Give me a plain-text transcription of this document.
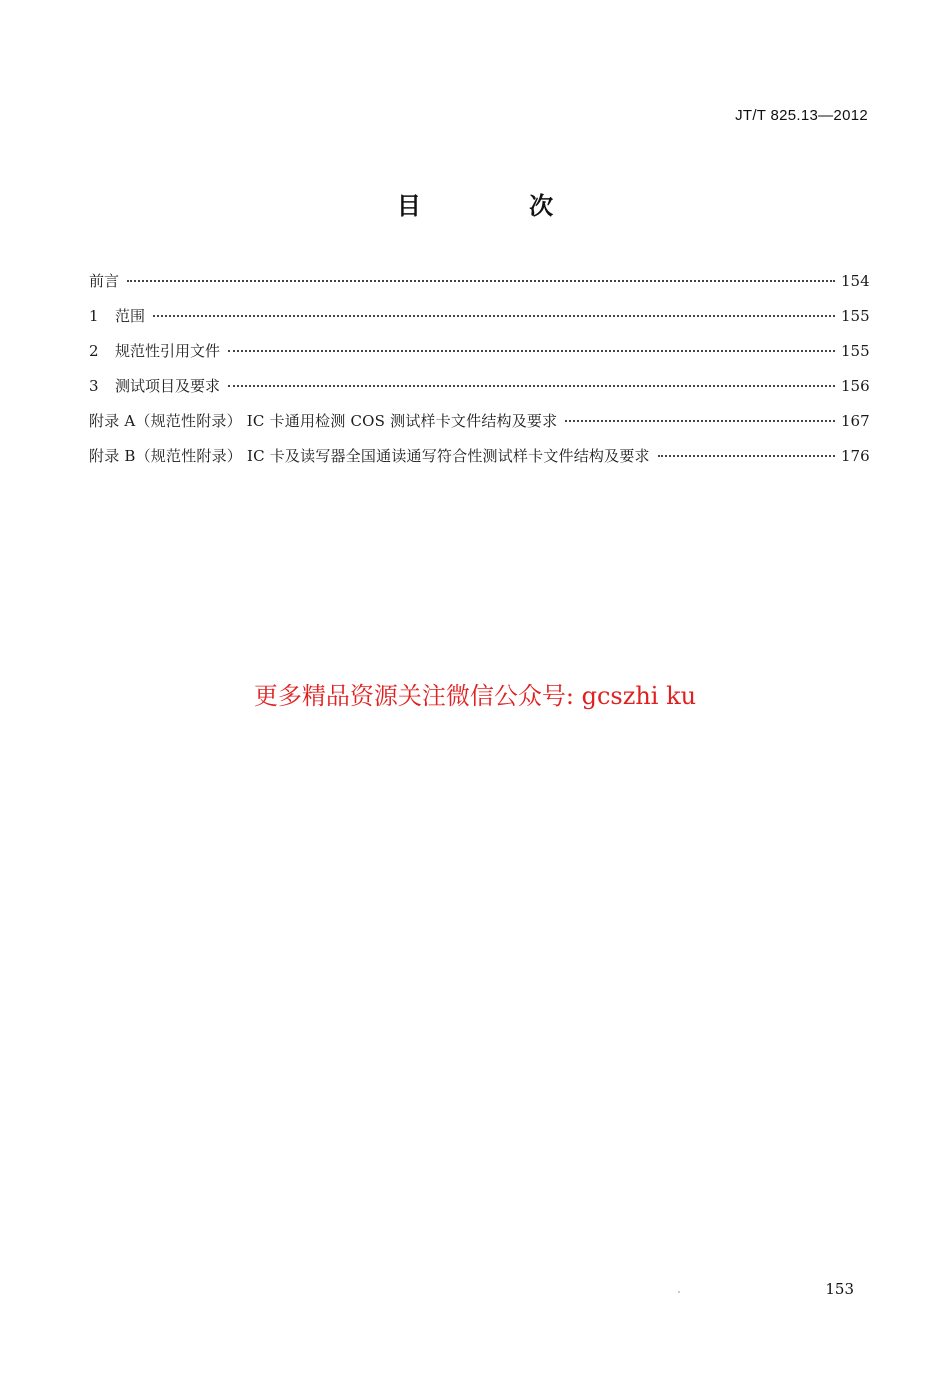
JT/T 825.13—2012
目 次
前言	154
1	范围	155
2	规范性引用文件	155
3	测试项目及要求	156
附录 A（规范性附录） IC 卡通用检测 COS 测试样卡文件结构及要求	167
附录 B（规范性附录） IC 卡及读写器全国通读通写符合性测试样卡文件结构及要求	176
更多精品资源关注微信公众号: gcszhi ku
153
